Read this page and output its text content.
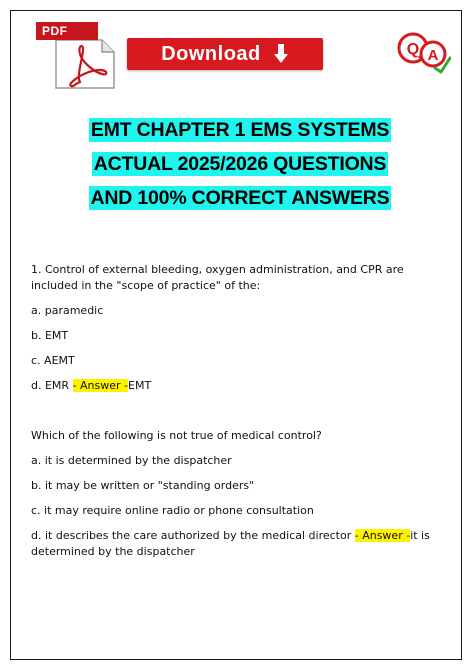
PDF
Download	Q A
EMT CHAPTER 1 EMS SYSTEMS
ACTUAL 2025/2026 QUESTIONS
AND 100% CORRECT ANSWERS

1. Control of external bleeding, oxygen administration, and CPR are
included in the "scope of practice" of the:

a. paramedic

b. EMT

c. AEMT

d. EMR - Answer -EMT

Which of the following is not true of medical control?

a. it is determined by the dispatcher

b. it may be written or "standing orders"

c. it may require online radio or phone consultation

d. it describes the care authorized by the medical director - Answer -it is
determined by the dispatcher
